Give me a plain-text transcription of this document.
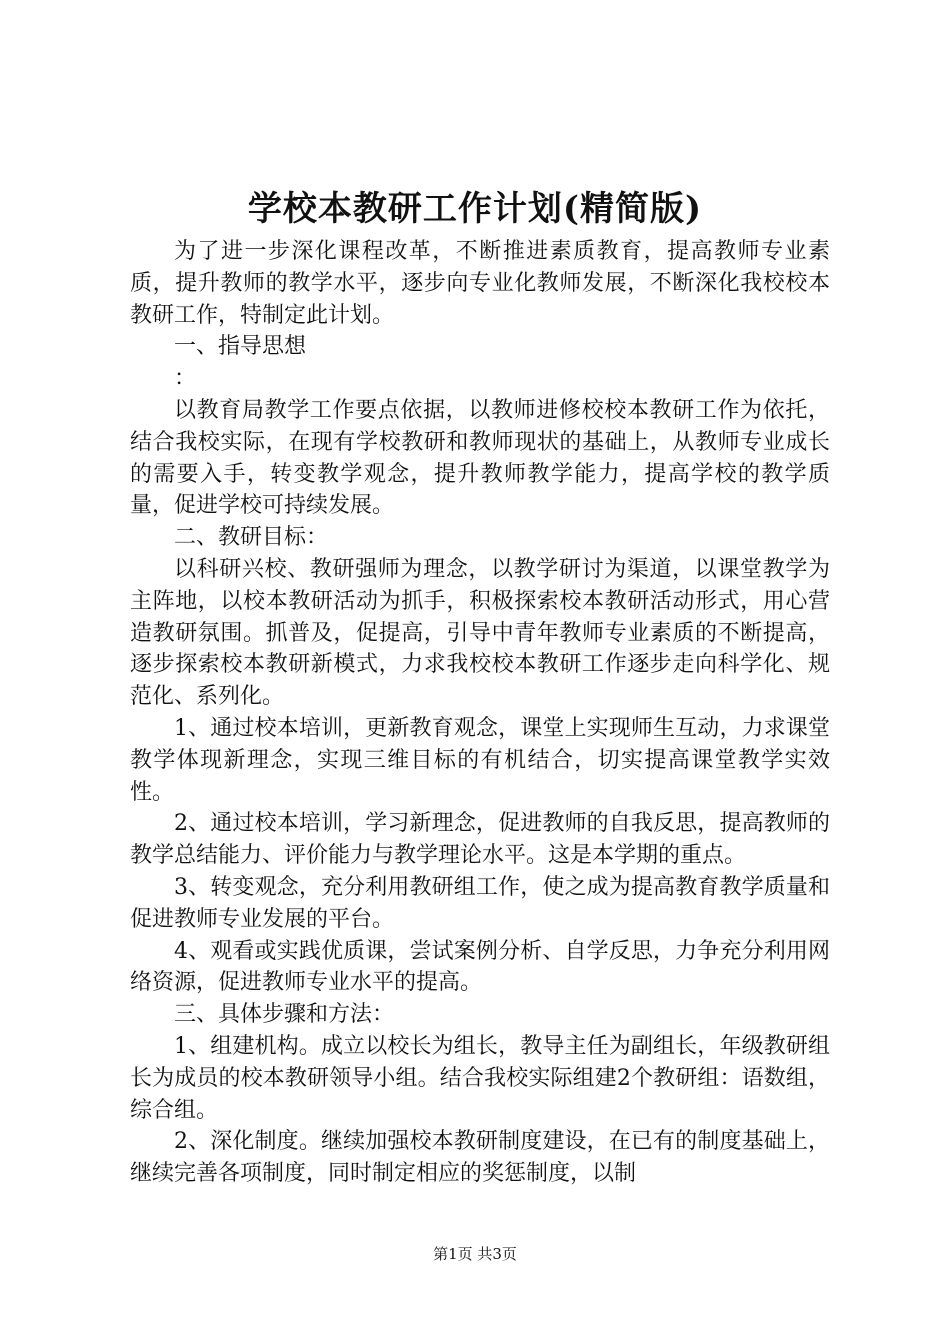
学校本教研工作计划(精简版)

为了进一步深化课程改革，不断推进素质教育，提高教师专业素质，提升教师的教学水平，逐步向专业化教师发展，不断深化我校校本教研工作，特制定此计划。

一、指导思想

：

以教育局教学工作要点依据，以教师进修校校本教研工作为依托，结合我校实际，在现有学校教研和教师现状的基础上，从教师专业成长的需要入手，转变教学观念，提升教师教学能力，提高学校的教学质量，促进学校可持续发展。

二、教研目标：

以科研兴校、教研强师为理念，以教学研讨为渠道，以课堂教学为主阵地，以校本教研活动为抓手，积极探索校本教研活动形式，用心营造教研氛围。抓普及，促提高，引导中青年教师专业素质的不断提高，逐步探索校本教研新模式，力求我校校本教研工作逐步走向科学化、规范化、系列化。

1、通过校本培训，更新教育观念，课堂上实现师生互动，力求课堂教学体现新理念，实现三维目标的有机结合，切实提高课堂教学实效性。

2、通过校本培训，学习新理念，促进教师的自我反思，提高教师的教学总结能力、评价能力与教学理论水平。这是本学期的重点。

3、转变观念，充分利用教研组工作，使之成为提高教育教学质量和促进教师专业发展的平台。

4、观看或实践优质课，尝试案例分析、自学反思，力争充分利用网络资源，促进教师专业水平的提高。

三、具体步骤和方法：

1、组建机构。成立以校长为组长，教导主任为副组长，年级教研组长为成员的校本教研领导小组。结合我校实际组建2个教研组：语数组，综合组。

2、深化制度。继续加强校本教研制度建设，在已有的制度基础上，继续完善各项制度，同时制定相应的奖惩制度，以制

第1页 共3页
